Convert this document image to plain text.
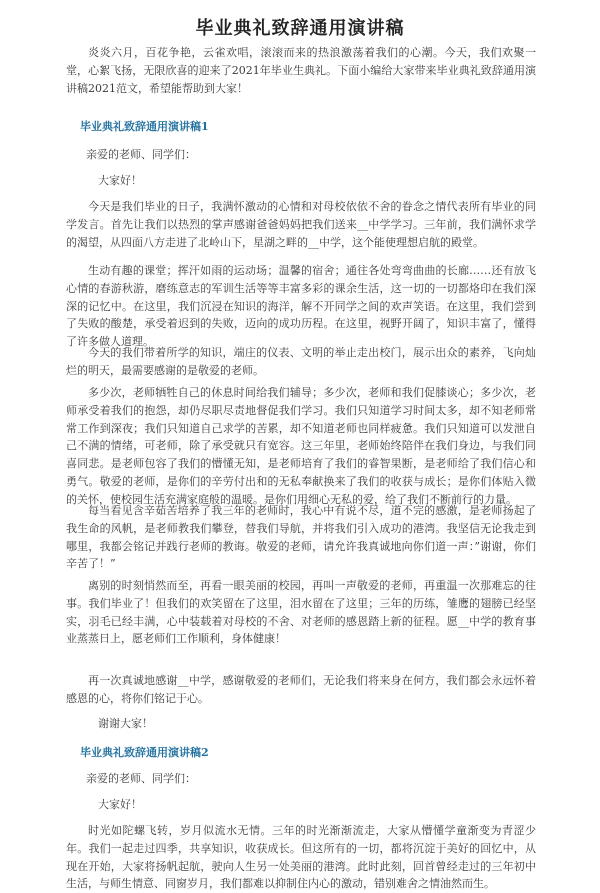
毕业典礼致辞通用演讲稿

炎炎六月，百花争艳，云雀欢唱，滚滚而来的热浪激荡着我们的心潮。今天，我们欢聚一堂，心絮飞扬，无限欣喜的迎来了2021年毕业生典礼。下面小编给大家带来毕业典礼致辞通用演讲稿2021范文，希望能帮助到大家！

毕业典礼致辞通用演讲稿1

亲爱的老师、同学们：

大家好！

今天是我们毕业的日子，我满怀激动的心情和对母校依依不舍的眷念之情代表所有毕业的同学发言。首先让我们以热烈的掌声感谢爸爸妈妈把我们送来__中学学习。三年前，我们满怀求学的渴望，从四面八方走进了北岭山下，星湖之畔的__中学，这个能使理想启航的殿堂。

生动有趣的课堂；挥汗如雨的运动场；温馨的宿舍；通往各处弯弯曲曲的长廊……还有放飞心情的春游秋游，磨练意志的军训生活等等丰富多彩的课余生活，这一切的一切都烙印在我们深深的记忆中。在这里，我们沉浸在知识的海洋，解不开同学之间的欢声笑语。在这里，我们尝到了失败的酸楚，承受着迟到的失败，迈向的成功历程。在这里，视野开阔了，知识丰富了，懂得了许多做人道理。

今天的我们带着所学的知识，端庄的仪表、文明的举止走出校门，展示出众的素养，飞向灿烂的明天，最需要感谢的是敬爱的老师。

多少次，老师牺牲自己的休息时间给我们辅导；多少次，老师和我们促膝谈心；多少次，老师承受着我们的抱怨，却仍尽职尽责地督促我们学习。我们只知道学习时间太多，却不知老师常常工作到深夜；我们只知道自己求学的苦累，却不知道老师也同样疲惫。我们只知道可以发泄自己不满的情绪，可老师，除了承受就只有宽容。这三年里，老师始终陪伴在我们身边，与我们同喜同悲。是老师包容了我们的懵懂无知，是老师培育了我们的睿智果断，是老师给了我们信心和勇气。敬爱的老师，是你们的辛劳付出和的无私奉献换来了我们的收获与成长；是你们体贴入微的关怀，使校园生活充满家庭般的温暖。是你们用细心无私的爱，给了我们不断前行的力量。

每当看见含辛茹苦培养了我三年的老师时，我心中有说不尽，道不完的感激，是老师扬起了我生命的风帆，是老师教我们攀登，替我们导航，并将我们引入成功的港湾。我坚信无论我走到哪里，我都会铭记并践行老师的教诲。敬爱的老师，请允许我真诚地向你们道一声：”谢谢，你们辛苦了！”

离别的时刻悄然而至，再看一眼美丽的校园，再叫一声敬爱的老师，再重温一次那难忘的往事。我们毕业了！但我们的欢笑留在了这里，泪水留在了这里；三年的历练，雏鹰的翅膀已经坚实，羽毛已经丰满，心中装载着对母校的不舍、对老师的感恩踏上新的征程。愿__中学的教育事业蒸蒸日上，愿老师们工作顺利，身体健康！

再一次真诚地感谢__中学，感谢敬爱的老师们，无论我们将来身在何方，我们都会永远怀着感恩的心，将你们铭记于心。

谢谢大家！

毕业典礼致辞通用演讲稿2

亲爱的老师、同学们：

大家好！

时光如陀螺飞转，岁月似流水无情。三年的时光渐渐流走，大家从懵懂学童渐变为青涩少年。我们一起走过四季，共享知识，收获成长。但这所有的一切，都将沉淀于美好的回忆中，从现在开始，大家将扬帆起航，驶向人生另一处美丽的港湾。此时此刻，回首曾经走过的三年初中生活，与师生情意、同窗岁月，我们都难以抑制住内心的激动，错别难舍之情油然而生。
